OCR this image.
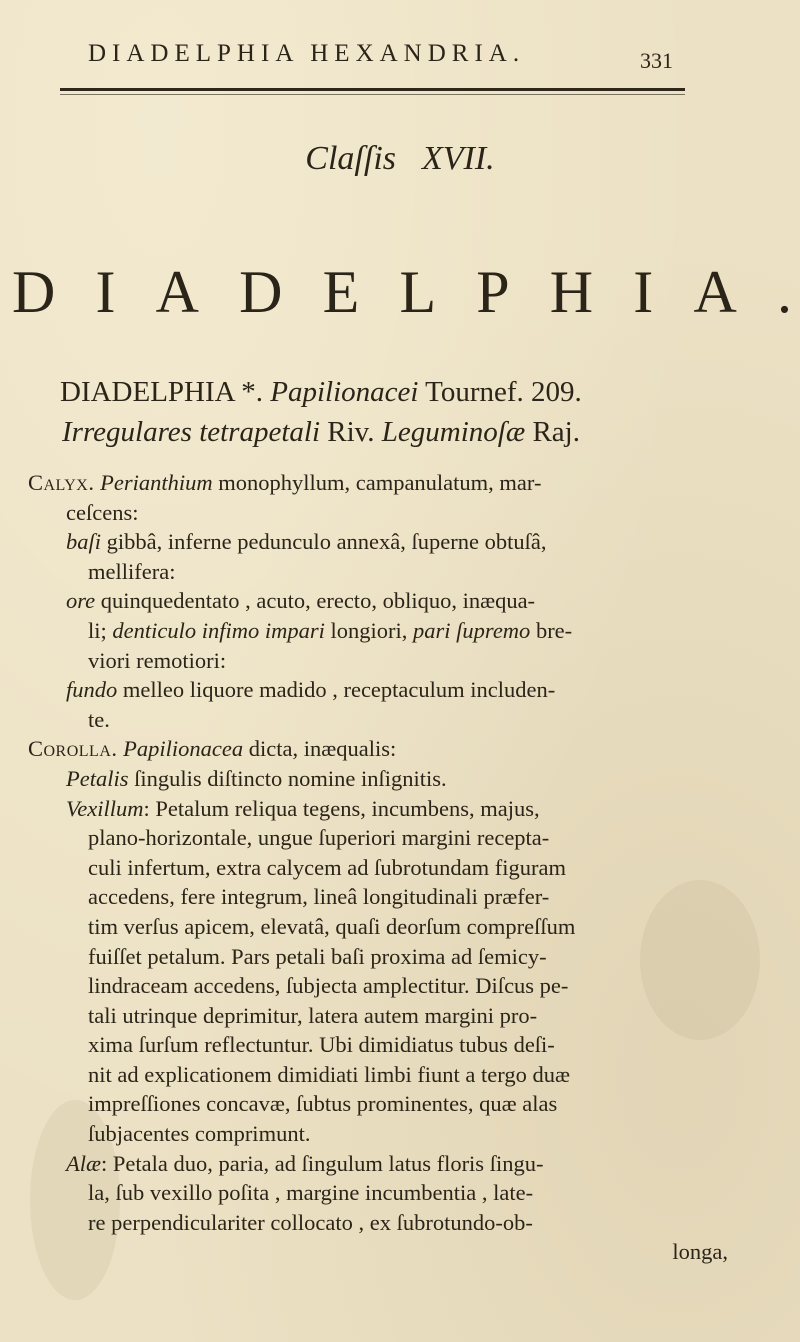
DIADELPHIA HEXANDRIA.	331
Claſſis XVII.
D I A D E L P H I A .
DIADELPHIA *. Papilionacei Tournef. 209.
Irregulares tetrapetali Riv. Leguminoſæ Raj.
Calyx. Perianthium monophyllum, campanulatum, mar-
ceſcens:
baſi gibbâ, inferne pedunculo annexâ, ſuperne obtuſâ,
mellifera:
ore quinquedentato , acuto, erecto, obliquo, inæqua-
li; denticulo infimo impari longiori, pari ſupremo bre-
viori remotiori:
fundo melleo liquore madido , receptaculum includen-
te.
Corolla. Papilionacea dicta, inæqualis:
Petalis ſingulis diſtincto nomine inſignitis.
Vexillum: Petalum reliqua tegens, incumbens, majus,
plano-horizontale, ungue ſuperiori margini recepta-
culi infertum, extra calycem ad ſubrotundam figuram
accedens, fere integrum, lineâ longitudinali præfer-
tim verſus apicem, elevatâ, quaſi deorſum compreſſum
fuiſſet petalum. Pars petali baſi proxima ad ſemicy-
lindraceam accedens, ſubjecta amplectitur. Diſcus pe-
tali utrinque deprimitur, latera autem margini pro-
xima ſurſum reflectuntur. Ubi dimidiatus tubus deſi-
nit ad explicationem dimidiati limbi fiunt a tergo duæ
impreſſiones concavæ, ſubtus prominentes, quæ alas
ſubjacentes comprimunt.
Alæ: Petala duo, paria, ad ſingulum latus floris ſingu-
la, ſub vexillo poſita , margine incumbentia , late-
re perpendiculariter collocato , ex ſubrotundo-ob-
longa,
